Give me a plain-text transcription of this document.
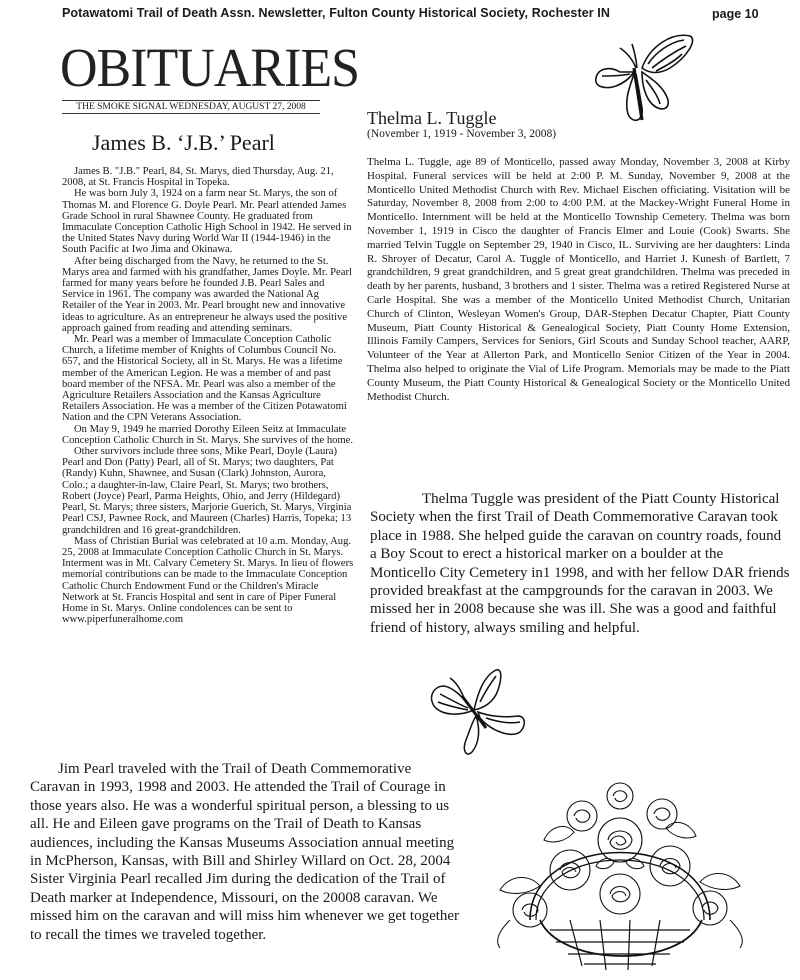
Potawatomi Trail of Death Assn. Newsletter, Fulton County Historical Society, Rochester IN	page 10
OBITUARIES
THE SMOKE SIGNAL WEDNESDAY, AUGUST 27, 2008
James B. ‘J.B.’ Pearl

James B. "J.B." Pearl, 84, St. Marys, died Thursday, Aug. 21, 2008, at St. Francis Hospital in Topeka.

He was born July 3, 1924 on a farm near St. Marys, the son of Thomas M. and Florence G. Doyle Pearl. Mr. Pearl attended James Grade School in rural Shawnee County. He graduated from Immaculate Conception Catholic High School in 1942. He served in the United States Navy during World War II (1944-1946) in the South Pacific at Iwo Jima and Okinawa.

After being discharged from the Navy, he returned to the St. Marys area and farmed with his grandfather, James Doyle. Mr. Pearl farmed for many years before he founded J.B. Pearl Sales and Service in 1961. The company was awarded the National Ag Retailer of the Year in 2003. Mr. Pearl brought new and innovative ideas to agriculture. As an entrepreneur he always used the positive approach gained from reading and attending seminars.

Mr. Pearl was a member of Immaculate Conception Catholic Church, a lifetime member of Knights of Columbus Council No. 657, and the Historical Society, all in St. Marys. He was a lifetime member of the American Legion. He was a member of and past board member of the NFSA. Mr. Pearl was also a member of the Agriculture Retailers Association and the Kansas Agriculture Retailers Association. He was a member of the Citizen Potawatomi Nation and the CPN Veterans Association.

On May 9, 1949 he married Dorothy Eileen Seitz at Immaculate Conception Catholic Church in St. Marys. She survives of the home.

Other survivors include three sons, Mike Pearl, Doyle (Laura) Pearl and Don (Patty) Pearl, all of St. Marys; two daughters, Pat (Randy) Kuhn, Shawnee, and Susan (Clark) Johnston, Aurora, Colo.; a daughter-in-law, Claire Pearl, St. Marys; two brothers, Robert (Joyce) Pearl, Parma Heights, Ohio, and Jerry (Hildegard) Pearl, St. Marys; three sisters, Marjorie Guerich, St. Marys, Virginia Pearl CSJ, Pawnee Rock, and Maureen (Charles) Harris, Topeka; 13 grandchildren and 16 great-grandchildren.

Mass of Christian Burial was celebrated at 10 a.m. Monday, Aug. 25, 2008 at Immaculate Conception Catholic Church in St. Marys. Interment was in Mt. Calvary Cemetery St. Marys. In lieu of flowers memorial contributions can be made to the Immaculate Conception Catholic Church Endowment Fund or the Children's Miracle Network at St. Francis Hospital and sent in care of Piper Funeral Home in St. Marys. Online condolences can be sent to www.piperfuneralhome.com

Thelma L. Tuggle
(November 1, 1919 - November 3, 2008)

Thelma L. Tuggle, age 89 of Monticello, passed away Monday, November 3, 2008 at Kirby Hospital. Funeral services will be held at 2:00 P. M. Sunday, November 9, 2008 at the Monticello United Methodist Church with Rev. Michael Eischen officiating. Visitation will be Saturday, November 8, 2008 from 2:00 to 4:00 P.M. at the Mackey-Wright Funeral Home in Monticello. Internment will be held at the Monticello Township Cemetery. Thelma was born November 1, 1919 in Cisco the daughter of Francis Elmer and Louie (Cook) Swarts. She married Telvin Tuggle on September 29, 1940 in Cisco, IL. Surviving are her daughters: Linda R. Shroyer of Decatur, Carol A. Tuggle of Monticello, and Harriet J. Kunesh of Bartlett, 7 grandchildren, 9 great grandchildren, and 5 great great grandchildren. Thelma was preceded in death by her parents, husband, 3 brothers and 1 sister. Thelma was a retired Registered Nurse at Carle Hospital. She was a member of the Monticello United Methodist Church, Unitarian Church of Clinton, Wesleyan Women's Group, DAR-Stephen Decatur Chapter, Piatt County Museum, Piatt County Historical & Genealogical Society, Piatt County Home Extension, Illinois Family Campers, Services for Seniors, Girl Scouts and Sunday School teacher, AARP, Volunteer of the Year at Allerton Park, and Monticello Senior Citizen of the Year in 2004. Thelma also helped to originate the Vial of Life Program. Memorials may be made to the Piatt County Museum, the Piatt County Historical & Genealogical Society or the Monticello United Methodist Church.

Thelma Tuggle was president of the Piatt County Historical Society when the first Trail of Death Commemorative Caravan took place in 1988. She helped guide the caravan on country roads, found a Boy Scout to erect a historical marker on a boulder at the Monticello City Cemetery in1 1998, and with her fellow DAR friends provided breakfast at the campgrounds for the caravan in 2003. We missed her in 2008 because she was ill. She was a good and faithful friend of history, always smiling and helpful.

Jim Pearl traveled with the Trail of Death Commemorative Caravan in 1993, 1998 and 2003. He attended the Trail of Courage in those years also. He was a wonderful spiritual person, a blessing to us all. He and Eileen gave programs on the Trail of Death to Kansas audiences, including the Kansas Museums Association annual meeting in McPherson, Kansas, with Bill and Shirley Willard on Oct. 28, 2004 Sister Virginia Pearl recalled Jim during the dedication of the Trail of Death marker at Independence, Missouri, on the 20008 caravan. We missed him on the caravan and will miss him whenever we get together to recall the times we traveled together.
